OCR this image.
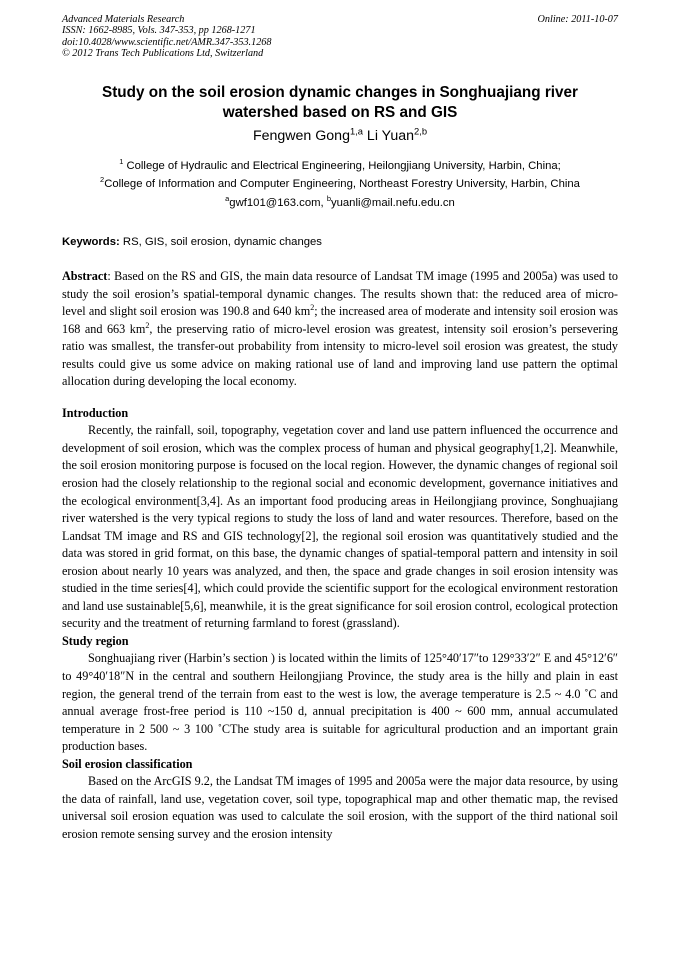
Advanced Materials Research	Online: 2011-10-07
ISSN: 1662-8985, Vols. 347-353, pp 1268-1271
doi:10.4028/www.scientific.net/AMR.347-353.1268
© 2012 Trans Tech Publications Ltd, Switzerland
Study on the soil erosion dynamic changes in Songhuajiang river
watershed based on RS and GIS
Fengwen Gong$^{1,a}$ Li Yuan$^{2,b}$
$^1$ College of Hydraulic and Electrical Engineering, Heilongjiang University, Harbin, China;
$^2$College of Information and Computer Engineering, Northeast Forestry University, Harbin, China
$^a$gwf101@163.com, $^b$yuanli@mail.nefu.edu.cn
Keywords: RS, GIS, soil erosion, dynamic changes

Abstract: Based on the RS and GIS, the main data resource of Landsat TM image (1995 and 2005a) was used to study the soil erosion’s spatial-temporal dynamic changes. The results shown that: the reduced area of micro-level and slight soil erosion was 190.8 and 640 $km^2$; the increased area of moderate and intensity soil erosion was 168 and 663 $km^2$, the preserving ratio of micro-level erosion was greatest, intensity soil erosion’s persevering ratio was smallest, the transfer-out probability from intensity to micro-level soil erosion was greatest, the study results could give us some advice on making rational use of land and improving land use pattern the optimal allocation during developing the local economy.

Introduction

Recently, the rainfall, soil, topography, vegetation cover and land use pattern influenced the occurrence and development of soil erosion, which was the complex process of human and physical geography[1,2]. Meanwhile, the soil erosion monitoring purpose is focused on the local region. However, the dynamic changes of regional soil erosion had the closely relationship to the regional social and economic development, governance initiatives and the ecological environment[3,4]. As an important food producing areas in Heilongjiang province, Songhuajiang river watershed is the very typical regions to study the loss of land and water resources. Therefore, based on the Landsat TM image and RS and GIS technology[2], the regional soil erosion was quantitatively studied and the data was stored in grid format, on this base, the dynamic changes of spatial-temporal pattern and intensity in soil erosion about nearly 10 years was analyzed, and then, the space and grade changes in soil erosion intensity was studied in the time series[4], which could provide the scientific support for the ecological environment restoration and land use sustainable[5,6], meanwhile, it is the great significance for soil erosion control, ecological protection security and the treatment of returning farmland to forest (grassland).

Study region

Songhuajiang river (Harbin’s section ) is located within the limits of 125°40′17″to 129°33′2″ E and 45°12′6″ to 49°40′18″N in the central and southern Heilongjiang Province, the study area is the hilly and plain in east region, the general trend of the terrain from east to the west is low, the average temperature is 2.5 ~ 4.0 ˚C and annual average frost-free period is 110 ~150 d, annual precipitation is 400 ~ 600 mm, annual accumulated temperature in 2 500 ~ 3 100 ˚CThe study area is suitable for agricultural production and an important grain production bases.

Soil erosion classification

Based on the ArcGIS 9.2, the Landsat TM images of 1995 and 2005a were the major data resource, by using the data of rainfall, land use, vegetation cover, soil type, topographical map and other thematic map, the revised universal soil erosion equation was used to calculate the soil erosion, with the support of the third national soil erosion remote sensing survey and the erosion intensity
